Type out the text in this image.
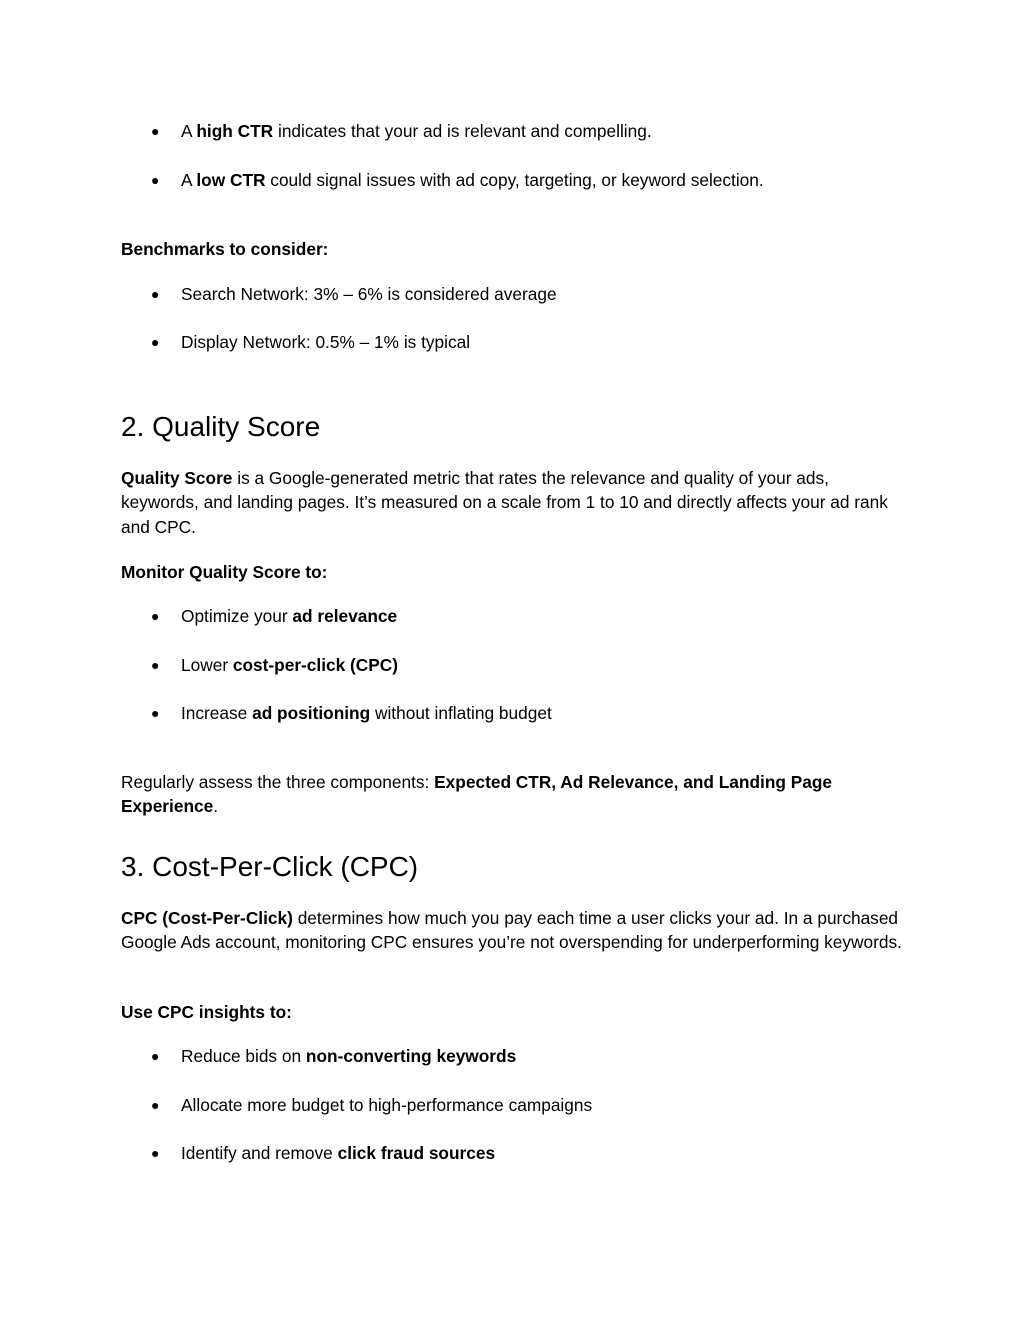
● A high CTR indicates that your ad is relevant and compelling.
● A low CTR could signal issues with ad copy, targeting, or keyword selection.
Benchmarks to consider:
● Search Network: 3% – 6% is considered average
● Display Network: 0.5% – 1% is typical
2. Quality Score

Quality Score is a Google-generated metric that rates the relevance and quality of your ads, keywords, and landing pages. It’s measured on a scale from 1 to 10 and directly affects your ad rank and CPC.

Monitor Quality Score to:
● Optimize your ad relevance
● Lower cost-per-click (CPC)
● Increase ad positioning without inflating budget

Regularly assess the three components: Expected CTR, Ad Relevance, and Landing Page Experience.

3. Cost-Per-Click (CPC)

CPC (Cost-Per-Click) determines how much you pay each time a user clicks your ad. In a purchased Google Ads account, monitoring CPC ensures you’re not overspending for underperforming keywords.

Use CPC insights to:
● Reduce bids on non-converting keywords
● Allocate more budget to high-performance campaigns
● Identify and remove click fraud sources
